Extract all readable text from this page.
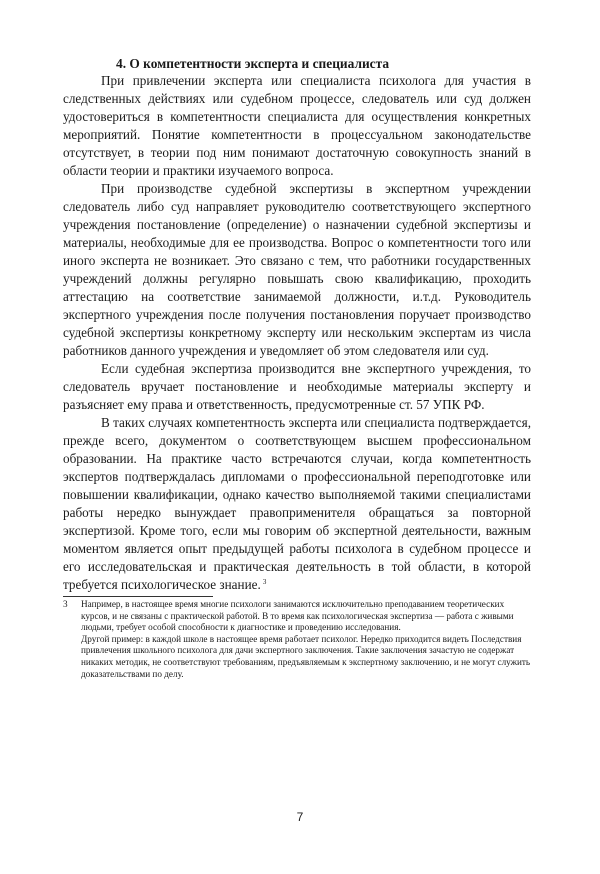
4. О компетентности эксперта и специалиста

При привлечении эксперта или специалиста психолога для участия в следственных действиях или судебном процессе, следователь или суд должен удостовериться в компетентности специалиста для осуществления конкретных мероприятий. Понятие компетентности в процессуальном законодательстве отсутствует, в теории под ним понимают достаточную совокупность знаний в области теории и практики изучаемого вопроса.

При производстве судебной экспертизы в экспертном учреждении следователь либо суд направляет руководителю соответствующего экспертного учреждения постановление (определение) о назначении судебной экспертизы и материалы, необходимые для ее производства. Вопрос о компетентности того или иного эксперта не возникает. Это связано с тем, что работники государственных учреждений должны регулярно повышать свою квалификацию, проходить аттестацию на соответствие занимаемой должности, и.т.д. Руководитель экспертного учреждения после получения постановления поручает производство судебной экспертизы конкретному эксперту или нескольким экспертам из числа работников данного учреждения и уведомляет об этом следователя или суд.

Если судебная экспертиза производится вне экспертного учреждения, то следователь вручает постановление и необходимые материалы эксперту и разъясняет ему права и ответственность, предусмотренные ст. 57 УПК РФ.

В таких случаях компетентность эксперта или специалиста подтверждается, прежде всего, документом о соответствующем высшем профессиональном образовании. На практике часто встречаются случаи, когда компетентность экспертов подтверждалась дипломами о профессиональной переподготовке или повышении квалификации, однако качество выполняемой такими специалистами работы нередко вынуждает правоприменителя обращаться за повторной экспертизой. Кроме того, если мы говорим об экспертной деятельности, важным моментом является опыт предыдущей работы психолога в судебном процессе и его исследовательская и практическая деятельность в той области, в которой требуется психологическое знание. $^3$

3	Например, в настоящее время многие психологи занимаются исключительно преподаванием теоретических курсов, и не связаны с практической работой. В то время как психологическая экспертиза — работа с живыми людьми, требует особой способности к диагностике и проведению исследования.

Другой пример: в каждой школе в настоящее время работает психолог. Нередко приходится видеть Последствия привлечения школьного психолога для дачи экспертного заключения. Такие заключения зачастую не содержат никаких методик, не соответствуют требованиям, предъявляемым к экспертному заключению, и не могут служить доказательствами по делу.

7
